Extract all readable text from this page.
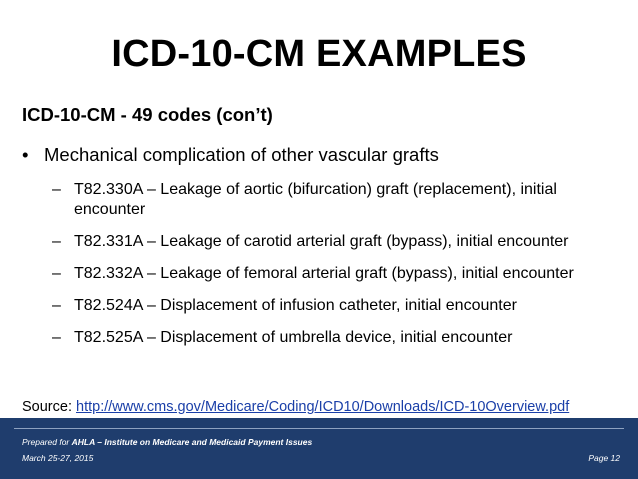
ICD-10-CM EXAMPLES
ICD-10-CM - 49 codes (con’t)
• Mechanical complication of other vascular grafts
– T82.330A – Leakage of aortic (bifurcation) graft (replacement), initial encounter
– T82.331A – Leakage of carotid arterial graft (bypass), initial encounter
– T82.332A – Leakage of femoral arterial graft (bypass), initial encounter
– T82.524A – Displacement of infusion catheter, initial encounter
– T82.525A – Displacement of umbrella device, initial encounter
Source: http://www.cms.gov/Medicare/Coding/ICD10/Downloads/ICD-10Overview.pdf
Prepared for AHLA – Institute on Medicare and Medicaid Payment Issues
March 25-27, 2015	Page 12
